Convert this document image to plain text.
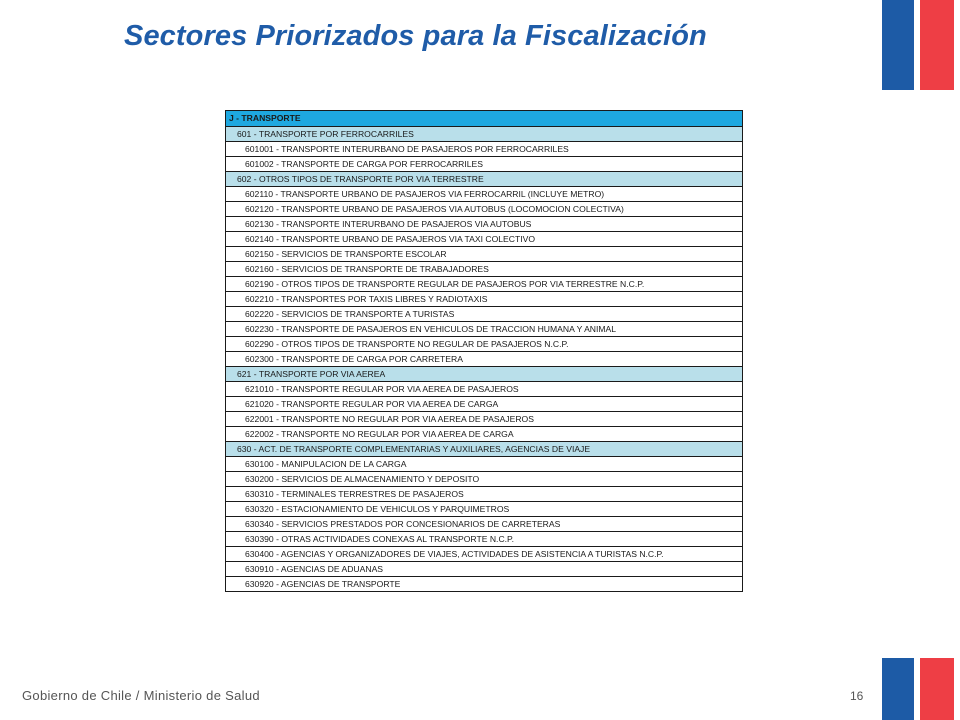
Sectores Priorizados para la Fiscalización
J - TRANSPORTE
601 - TRANSPORTE POR FERROCARRILES
601001 - TRANSPORTE INTERURBANO DE PASAJEROS POR FERROCARRILES
601002 - TRANSPORTE DE CARGA POR FERROCARRILES
602 - OTROS TIPOS DE TRANSPORTE POR VIA TERRESTRE
602110 - TRANSPORTE URBANO DE PASAJEROS VIA FERROCARRIL (INCLUYE METRO)
602120 - TRANSPORTE URBANO DE PASAJEROS VIA AUTOBUS (LOCOMOCION COLECTIVA)
602130 - TRANSPORTE INTERURBANO DE PASAJEROS VIA AUTOBUS
602140 - TRANSPORTE URBANO DE PASAJEROS VIA TAXI COLECTIVO
602150 - SERVICIOS DE TRANSPORTE ESCOLAR
602160 - SERVICIOS DE TRANSPORTE DE TRABAJADORES
602190 - OTROS TIPOS DE TRANSPORTE REGULAR DE PASAJEROS POR VIA TERRESTRE N.C.P.
602210 - TRANSPORTES POR TAXIS LIBRES Y RADIOTAXIS
602220 - SERVICIOS DE TRANSPORTE A TURISTAS
602230 - TRANSPORTE DE PASAJEROS EN VEHICULOS DE TRACCION HUMANA Y ANIMAL
602290 - OTROS TIPOS DE TRANSPORTE NO REGULAR DE PASAJEROS N.C.P.
602300 - TRANSPORTE DE CARGA POR CARRETERA
621 - TRANSPORTE POR VIA AEREA
621010 - TRANSPORTE REGULAR POR VIA AEREA DE PASAJEROS
621020 - TRANSPORTE REGULAR POR VIA AEREA DE CARGA
622001 - TRANSPORTE NO REGULAR POR VIA AEREA DE PASAJEROS
622002 - TRANSPORTE NO REGULAR POR VIA AEREA DE CARGA
630 - ACT. DE TRANSPORTE COMPLEMENTARIAS Y AUXILIARES, AGENCIAS DE VIAJE
630100 - MANIPULACION DE LA CARGA
630200 - SERVICIOS DE ALMACENAMIENTO Y DEPOSITO
630310 - TERMINALES TERRESTRES DE PASAJEROS
630320 - ESTACIONAMIENTO DE VEHICULOS Y PARQUIMETROS
630340 - SERVICIOS PRESTADOS POR CONCESIONARIOS DE CARRETERAS
630390 - OTRAS ACTIVIDADES CONEXAS AL TRANSPORTE N.C.P.
630400 - AGENCIAS Y ORGANIZADORES DE VIAJES, ACTIVIDADES DE ASISTENCIA A TURISTAS N.C.P.
630910 - AGENCIAS DE ADUANAS
630920 - AGENCIAS DE TRANSPORTE
Gobierno de Chile / Ministerio de Salud	16
